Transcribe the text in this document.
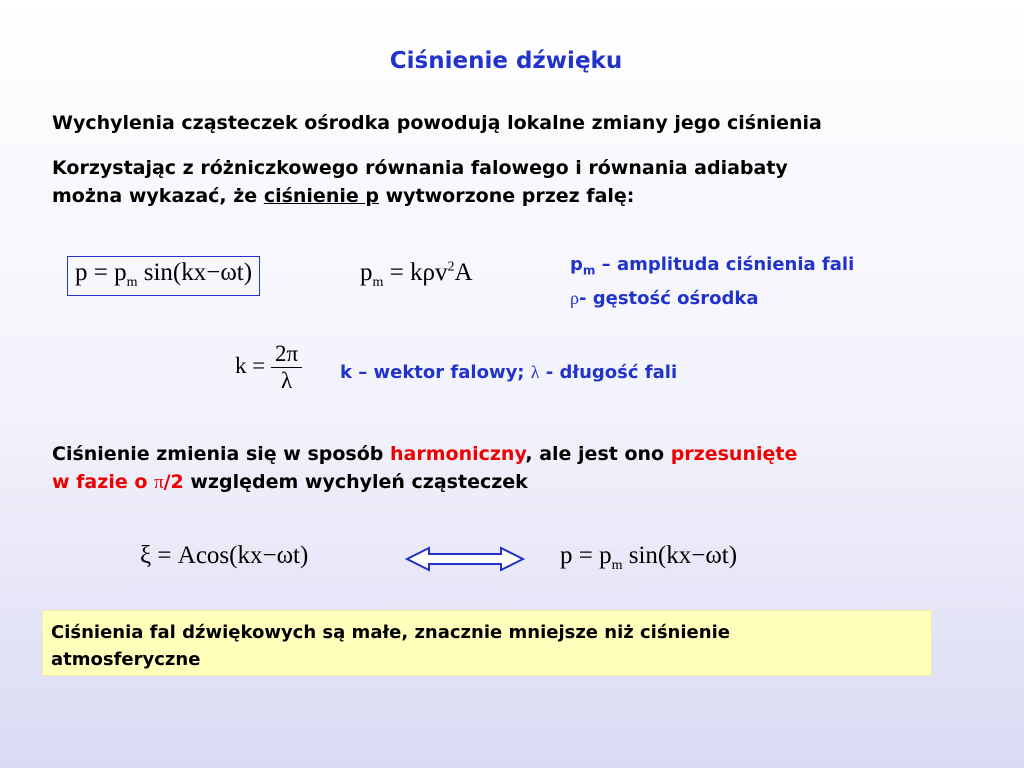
Ciśnienie dźwięku
Wychylenia cząsteczek ośrodka powodują lokalne zmiany jego ciśnienia
Korzystając z różniczkowego równania falowego i równania adiabaty
można wykazać, że ciśnienie p wytworzone przez falę:
$p = p_m$ sin(kx−ωt)	$p_m = k\rho v^2A$	$p_m$ – amplituda ciśnienia fali
ρ- gęstość ośrodka
$k = \frac{2\pi}{\lambda}$ k – wektor falowy; λ - długość fali
Ciśnienie zmienia się w sposób harmoniczny, ale jest ono przesunięte
w fazie o π/2 względem wychyleń cząsteczek
ξ = Acos(kx−ωt)	$p = p_m$ sin(kx−ωt)
Ciśnienia fal dźwiękowych są małe, znacznie mniejsze niż ciśnienie
atmosferyczne
